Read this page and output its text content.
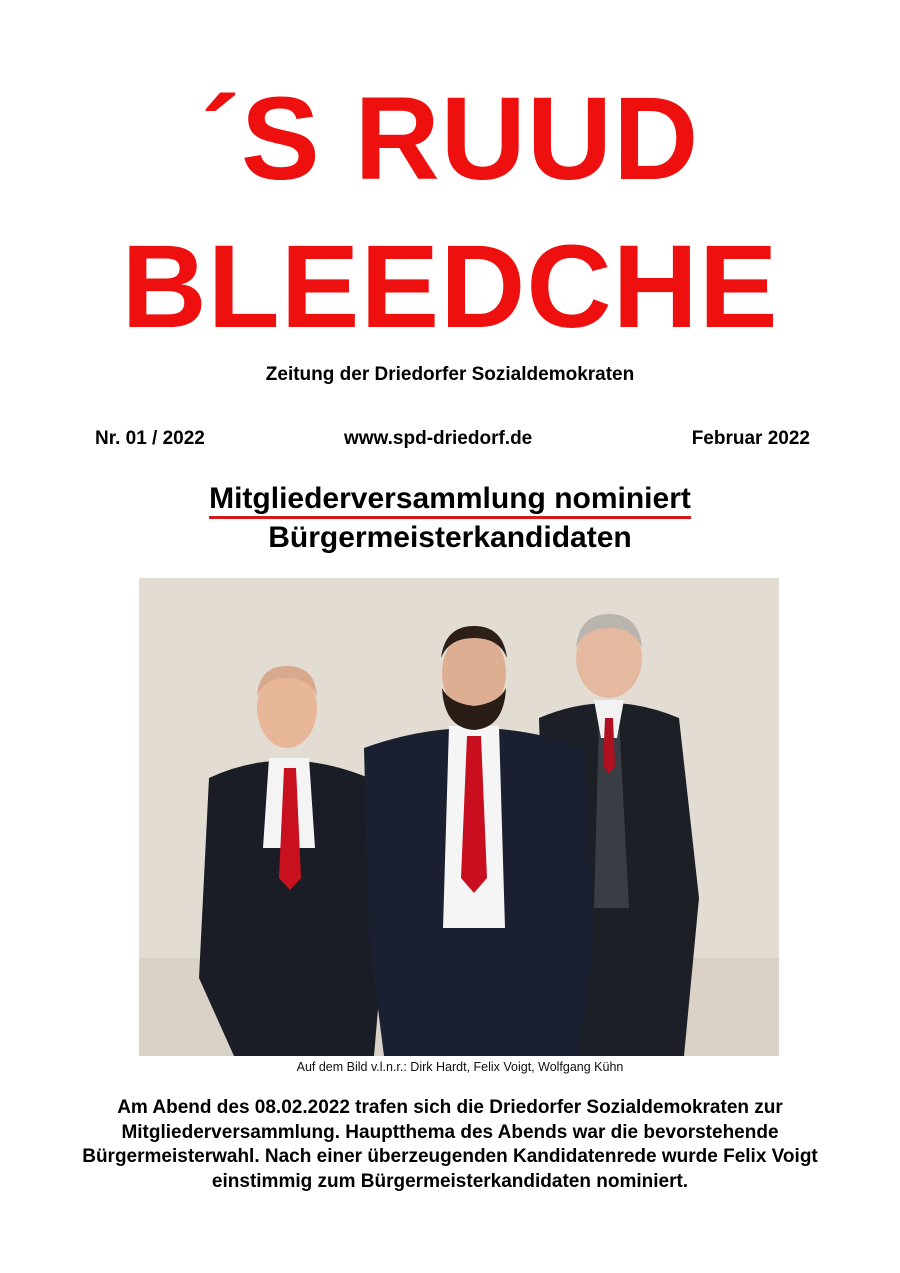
´S RUUD
BLEEDCHE
Zeitung der Driedorfer Sozialdemokraten
Nr. 01 / 2022	www.spd-driedorf.de	Februar 2022
Mitgliederversammlung nominiert
Bürgermeisterkandidaten
Auf dem Bild v.l.n.r.: Dirk Hardt, Felix Voigt, Wolfgang Kühn
Am Abend des 08.02.2022 trafen sich die Driedorfer Sozialdemokraten zur Mitgliederversammlung. Hauptthema des Abends war die bevorstehende Bürgermeisterwahl. Nach einer überzeugenden Kandidatenrede wurde Felix Voigt einstimmig zum Bürgermeisterkandidaten nominiert.
